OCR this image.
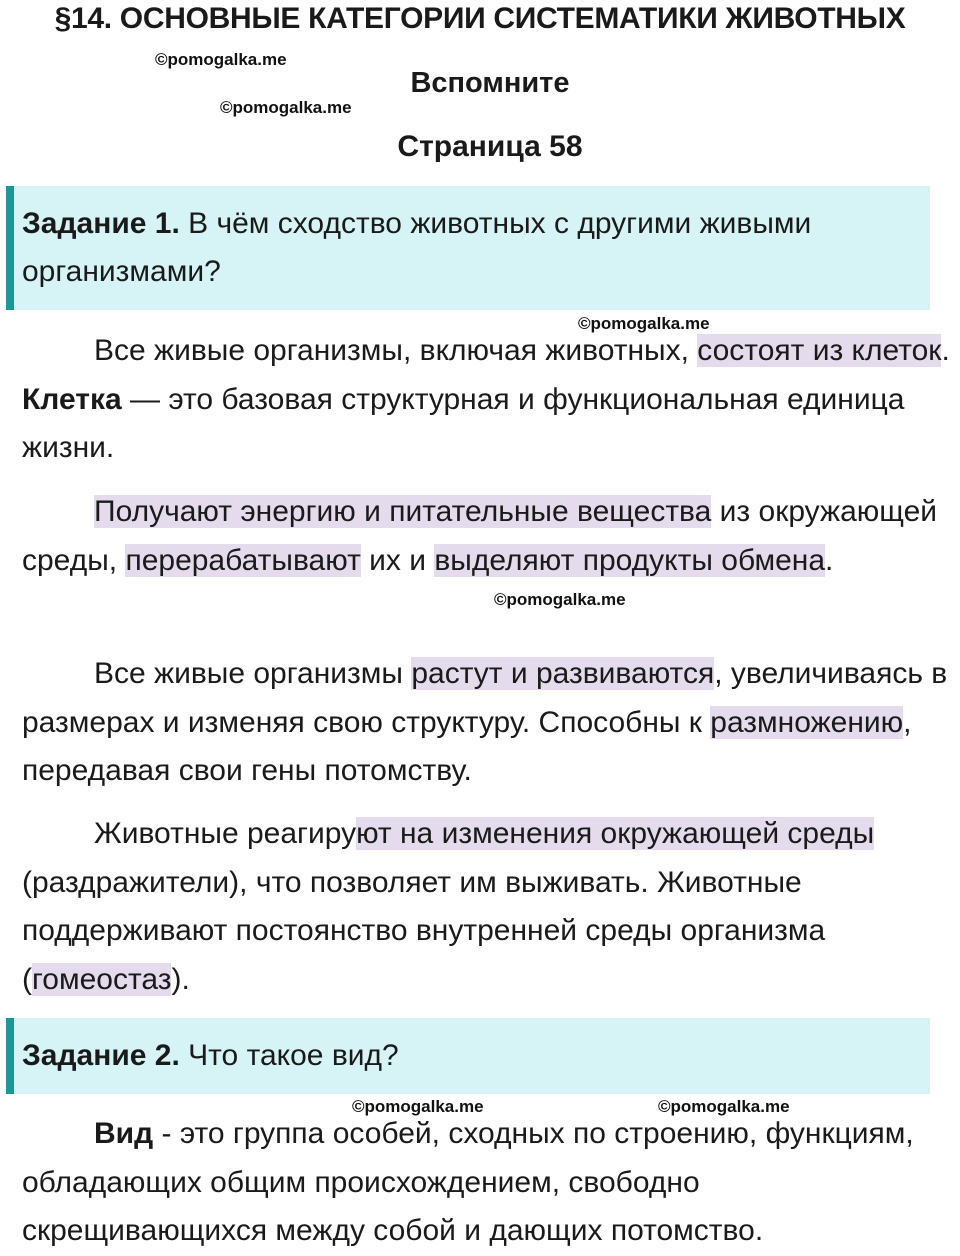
§14. ОСНОВНЫЕ КАТЕГОРИИ СИСТЕМАТИКИ ЖИВОТНЫХ
Вспомните
Страница 58
©pomogalka.me
©pomogalka.me
Задание 1. В чём сходство животных с другими живыми организмами?
©pomogalka.me
Все живые организмы, включая животных, состоят из клеток. Клетка — это базовая структурная и функциональная единица жизни.
Получают энергию и питательные вещества из окружающей среды, перерабатывают их и выделяют продукты обмена.
©pomogalka.me
Все живые организмы растут и развиваются, увеличиваясь в размерах и изменяя свою структуру. Способны к размножению, передавая свои гены потомству.
Животные реагируют на изменения окружающей среды (раздражители), что позволяет им выживать. Животные поддерживают постоянство внутренней среды организма (гомеостаз).
Задание 2. Что такое вид?
©pomogalka.me	©pomogalka.me
Вид - это группа особей, сходных по строению, функциям, обладающих общим происхождением, свободно скрещивающихся между собой и дающих потомство.
